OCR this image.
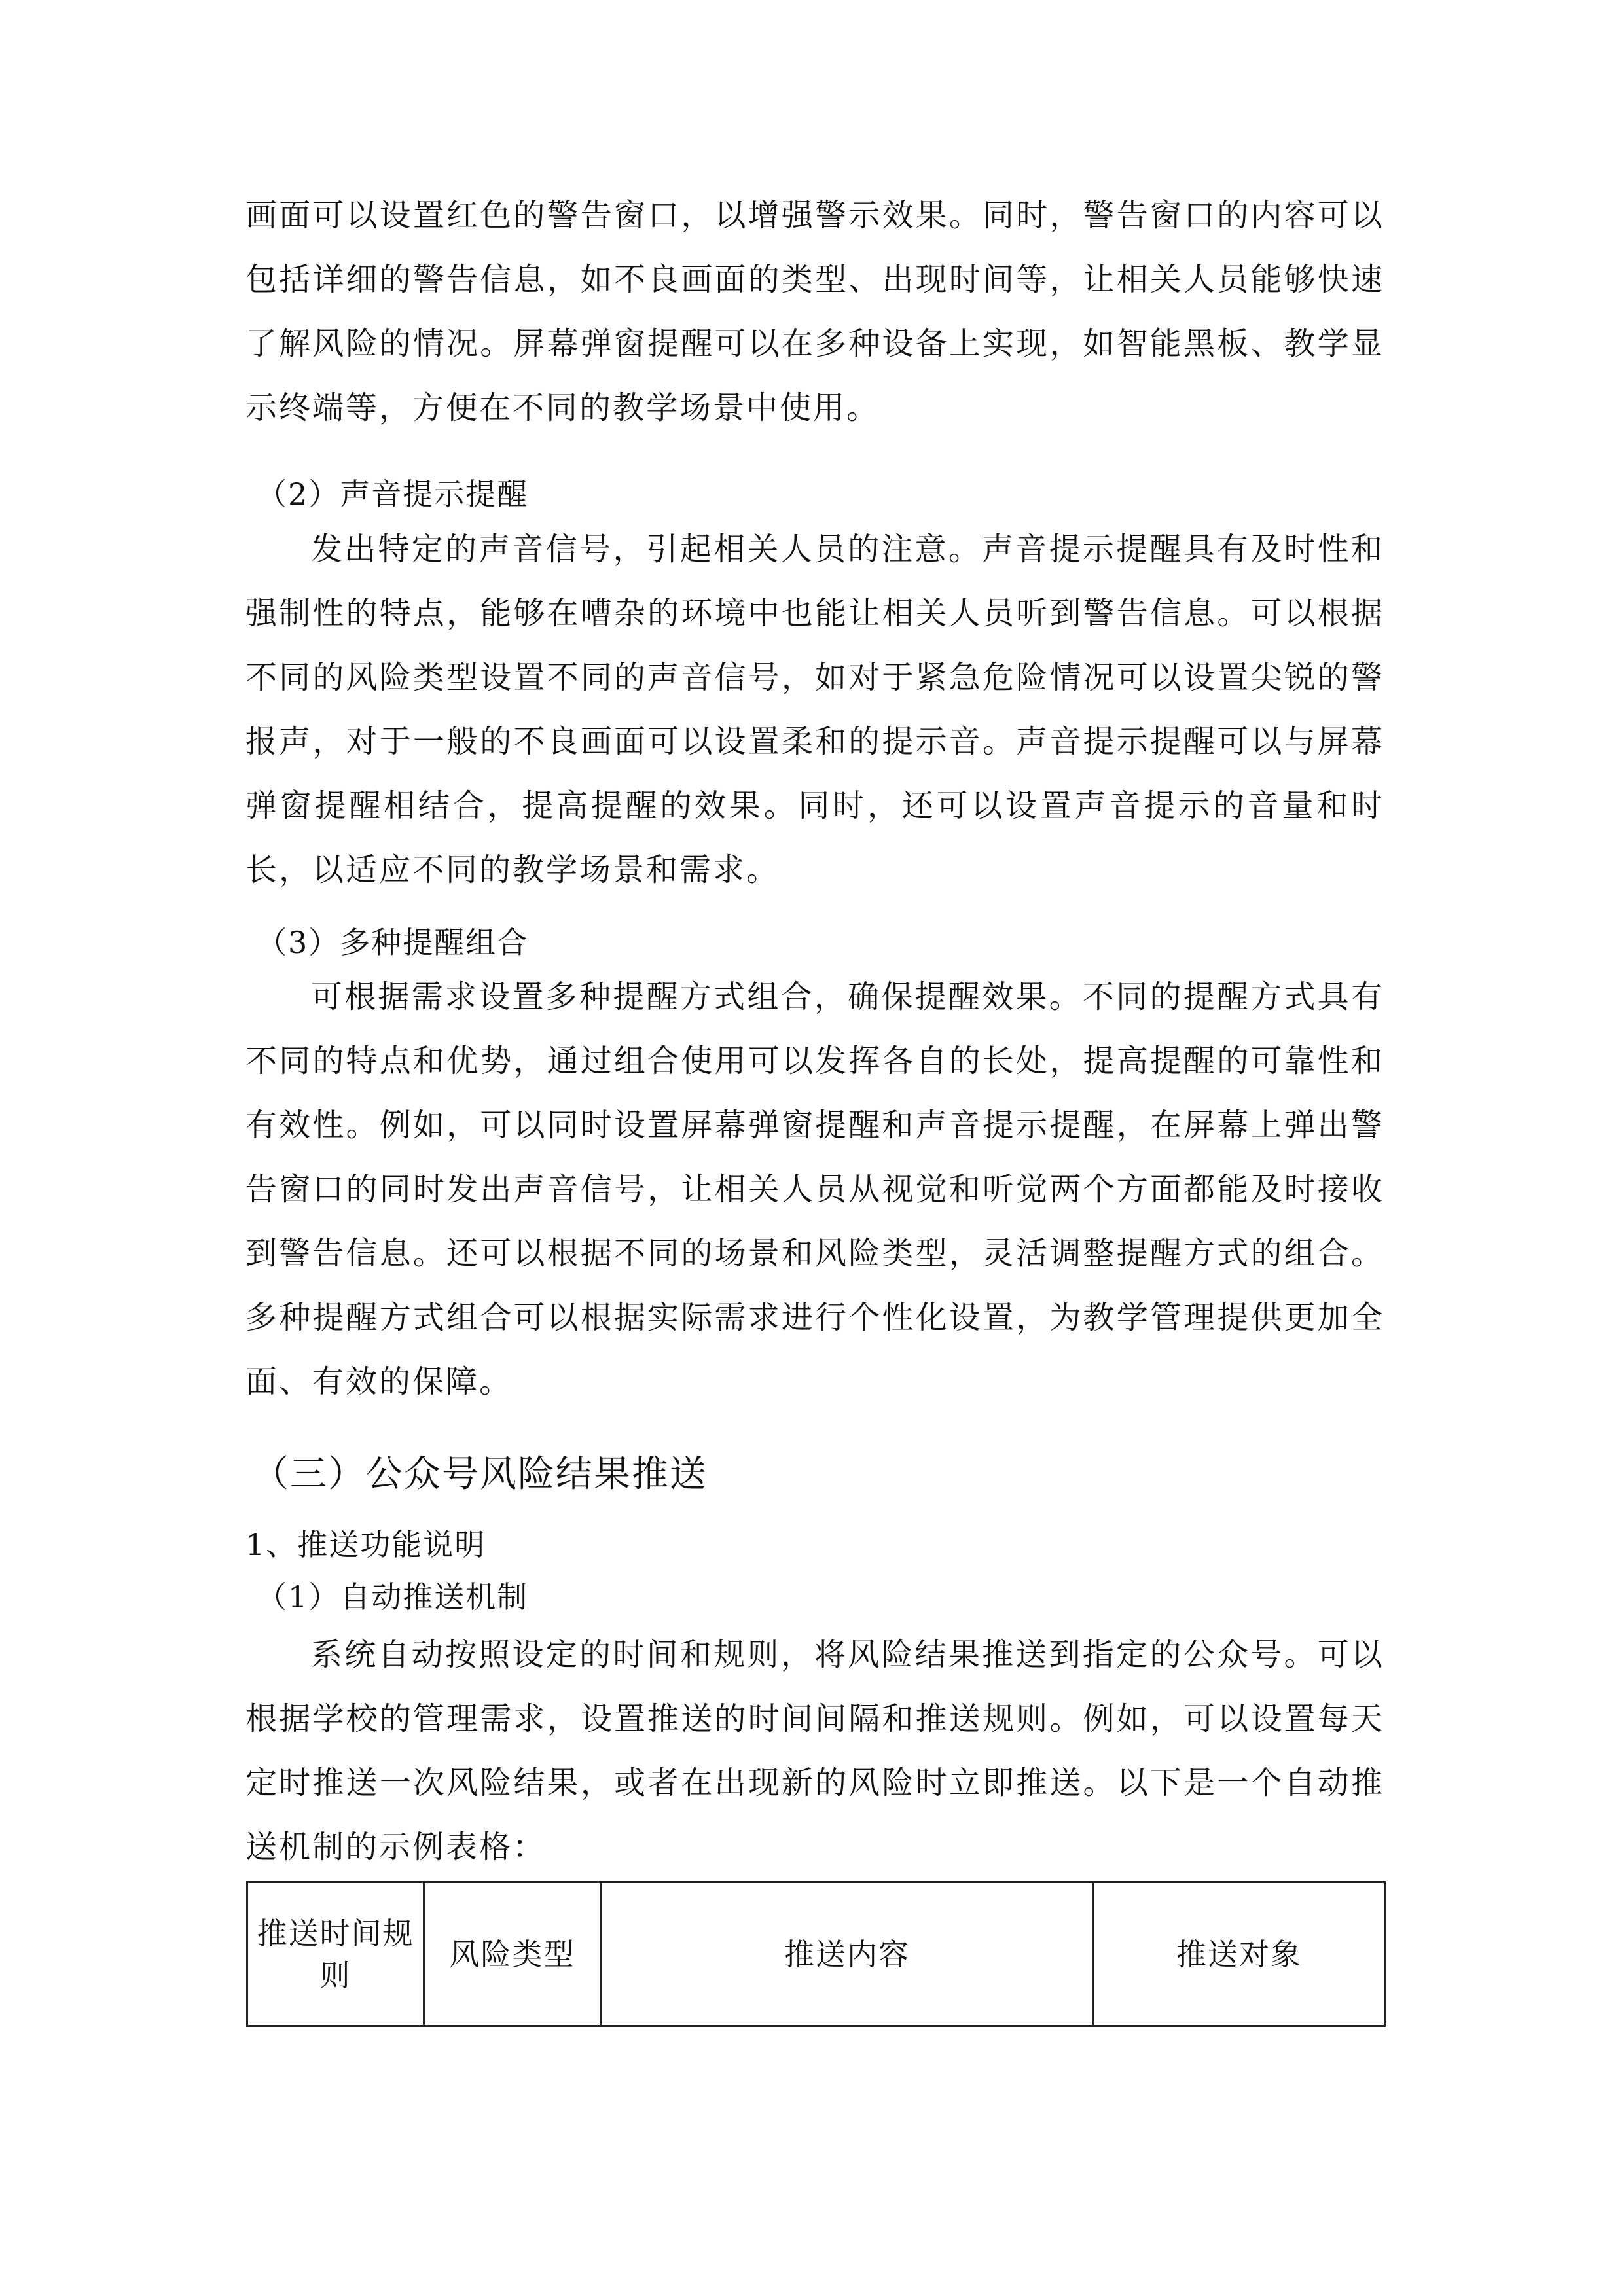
画面可以设置红色的警告窗口，以增强警示效果。同时，警告窗口的内容可以包括详细的警告信息，如不良画面的类型、出现时间等，让相关人员能够快速了解风险的情况。屏幕弹窗提醒可以在多种设备上实现，如智能黑板、教学显示终端等，方便在不同的教学场景中使用。

（2）声音提示提醒

发出特定的声音信号，引起相关人员的注意。声音提示提醒具有及时性和强制性的特点，能够在嘈杂的环境中也能让相关人员听到警告信息。可以根据不同的风险类型设置不同的声音信号，如对于紧急危险情况可以设置尖锐的警报声，对于一般的不良画面可以设置柔和的提示音。声音提示提醒可以与屏幕弹窗提醒相结合，提高提醒的效果。同时，还可以设置声音提示的音量和时长，以适应不同的教学场景和需求。

（3）多种提醒组合

可根据需求设置多种提醒方式组合，确保提醒效果。不同的提醒方式具有不同的特点和优势，通过组合使用可以发挥各自的长处，提高提醒的可靠性和有效性。例如，可以同时设置屏幕弹窗提醒和声音提示提醒，在屏幕上弹出警告窗口的同时发出声音信号，让相关人员从视觉和听觉两个方面都能及时接收到警告信息。还可以根据不同的场景和风险类型，灵活调整提醒方式的组合。多种提醒方式组合可以根据实际需求进行个性化设置，为教学管理提供更加全面、有效的保障。

（三）公众号风险结果推送

1、推送功能说明

（1）自动推送机制

系统自动按照设定的时间和规则，将风险结果推送到指定的公众号。可以根据学校的管理需求，设置推送的时间间隔和推送规则。例如，可以设置每天定时推送一次风险结果，或者在出现新的风险时立即推送。以下是一个自动推送机制的示例表格：

推送时间规则	风险类型	推送内容	推送对象
